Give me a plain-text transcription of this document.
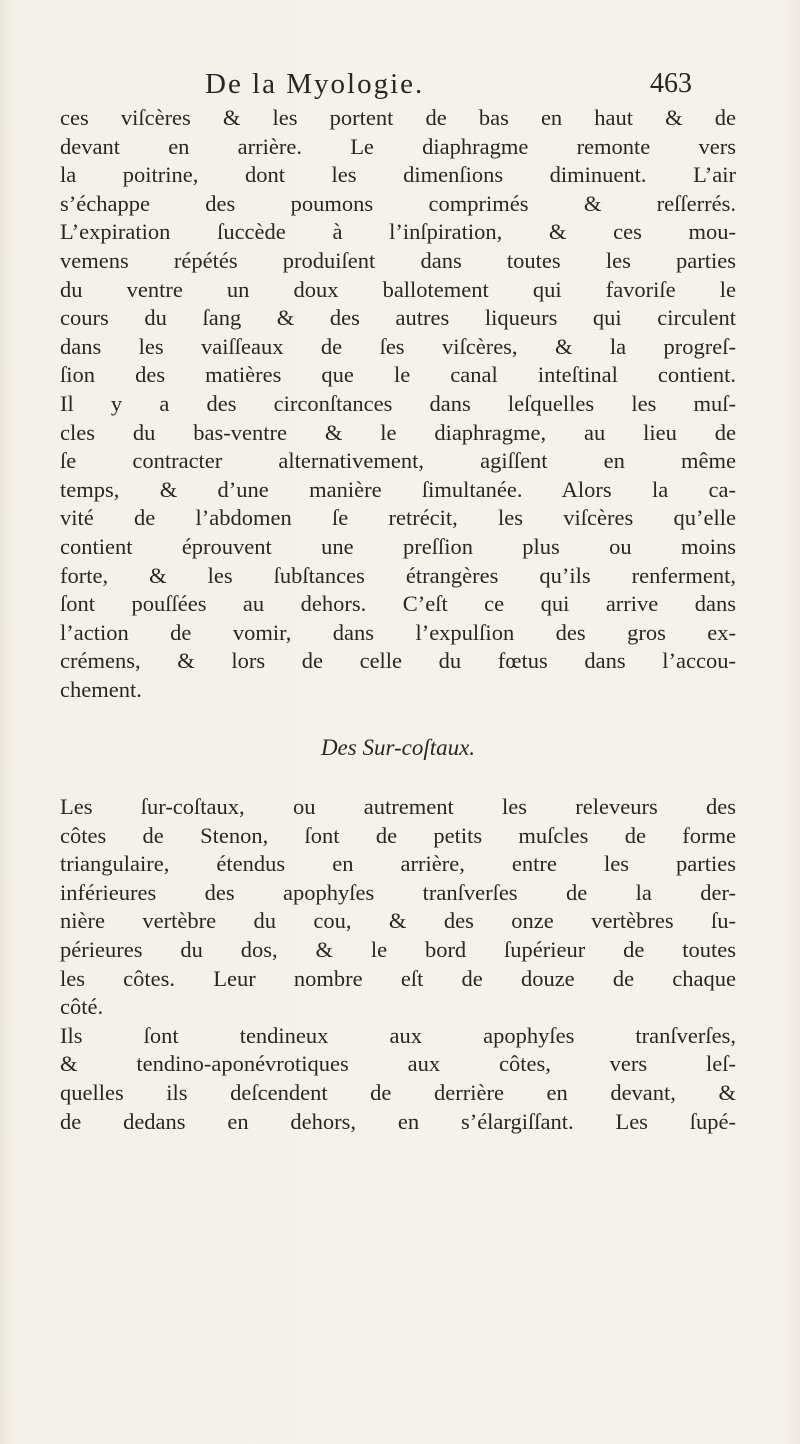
De la Myologie.	463
ces viſcères & les portent de bas en haut & de
devant en arrière. Le diaphragme remonte vers
la poitrine, dont les dimenſions diminuent. L’air
s’échappe des poumons comprimés & reſſerrés.
L’expiration ſuccède à l’inſpiration, & ces mou-
vemens répétés produiſent dans toutes les parties
du ventre un doux ballotement qui favoriſe le
cours du ſang & des autres liqueurs qui circulent
dans les vaiſſeaux de ſes viſcères, & la progreſ-
ſion des matières que le canal inteſtinal contient.
Il y a des circonſtances dans leſquelles les muſ-
cles du bas-ventre & le diaphragme, au lieu de
ſe contracter alternativement, agiſſent en même
temps, & d’une manière ſimultanée. Alors la ca-
vité de l’abdomen ſe retrécit, les viſcères qu’elle
contient éprouvent une preſſion plus ou moins
forte, & les ſubſtances étrangères qu’ils renferment,
ſont pouſſées au dehors. C’eſt ce qui arrive dans
l’action de vomir, dans l’expulſion des gros ex-
crémens, & lors de celle du fœtus dans l’accou-
chement.
Des Sur-coſtaux.
Les ſur-coſtaux, ou autrement les releveurs des
côtes de Stenon, ſont de petits muſcles de forme
triangulaire, étendus en arrière, entre les parties
inférieures des apophyſes tranſverſes de la der-
nière vertèbre du cou, & des onze vertèbres ſu-
périeures du dos, & le bord ſupérieur de toutes
les côtes. Leur nombre eſt de douze de chaque
côté.
Ils ſont tendineux aux apophyſes tranſverſes,
& tendino-aponévrotiques aux côtes, vers leſ-
quelles ils deſcendent de derrière en devant, &
de dedans en dehors, en s’élargiſſant. Les ſupé-
